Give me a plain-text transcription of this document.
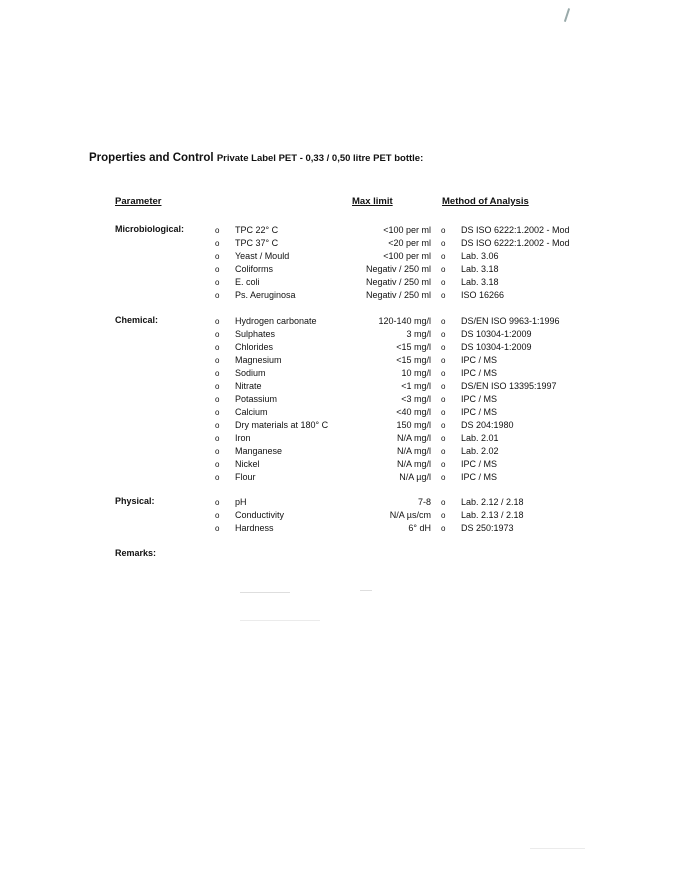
Properties and Control Private Label PET - 0,33 / 0,50 litre PET bottle:
Parameter	Max limit	Method of Analysis
Microbiological:	o TPC 22° C	<100 per ml o DS ISO 6222:1.2002 - Mod
o TPC 37° C	<20 per ml o DS ISO 6222:1.2002 - Mod
o Yeast / Mould	<100 per ml o Lab. 3.06
o Coliforms	Negativ / 250 ml o Lab. 3.18
o E. coli	Negativ / 250 ml o Lab. 3.18
o Ps. Aeruginosa	Negativ / 250 ml o ISO 16266
Chemical:	o Hydrogen carbonate	120-140 mg/l o DS/EN ISO 9963-1:1996
o Sulphates	3 mg/l o DS 10304-1:2009
o Chlorides	<15 mg/l o DS 10304-1:2009
o Magnesium	<15 mg/l o IPC / MS
o Sodium	10 mg/l o IPC / MS
o Nitrate	<1 mg/l o DS/EN ISO 13395:1997
o Potassium	<3 mg/l o IPC / MS
o Calcium	<40 mg/l o IPC / MS
o Dry materials at 180° C	150 mg/l o DS 204:1980
o Iron	N/A mg/l o Lab. 2.01
o Manganese	N/A mg/l o Lab. 2.02
o Nickel	N/A mg/l o IPC / MS
o Flour	N/A µg/l o IPC / MS
Physical:	o pH	7-8 o Lab. 2.12 / 2.18
o Conductivity	N/A µs/cm o Lab. 2.13 / 2.18
o Hardness	6° dH o DS 250:1973
Remarks:
